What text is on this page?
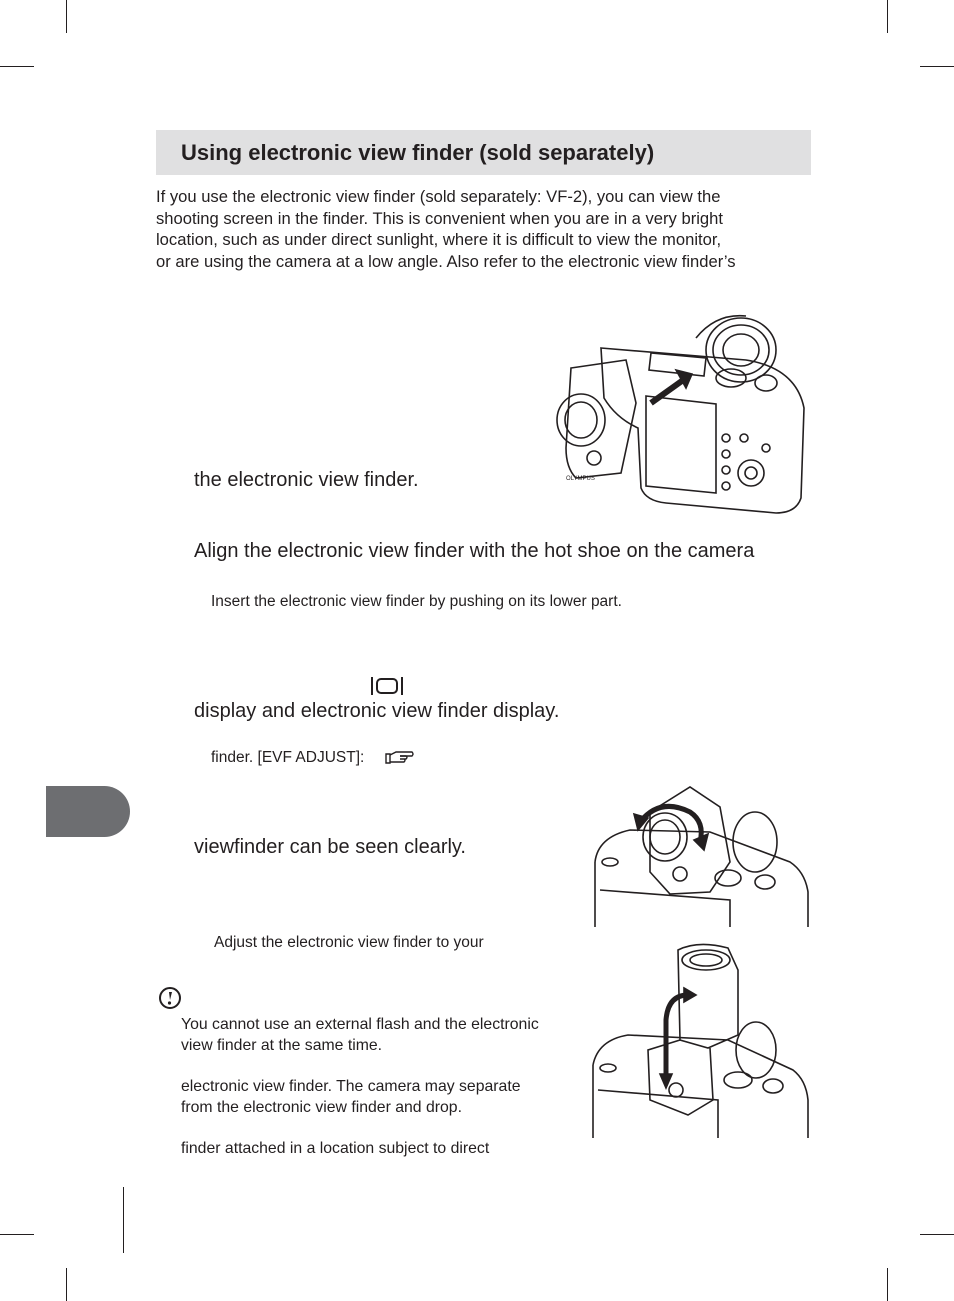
Using electronic view finder (sold separately)
If you use the electronic view finder (sold separately: VF-2), you can view the
shooting screen in the finder. This is convenient when you are in a very bright
location, such as under direct sunlight, where it is difficult to view the monitor,
or are using the camera at a low angle. Also refer to the electronic view finder’s
OLYMPUS
the electronic view finder.
Align the electronic view finder with the hot shoe on the camera
Insert the electronic view finder by pushing on its lower part.
display and electronic view finder display.
finder. [EVF ADJUST]:
viewfinder can be seen clearly.
Adjust the electronic view finder to your
You cannot use an external flash and the electronic
view finder at the same time.
electronic view finder. The camera may separate
from the electronic view finder and drop.
finder attached in a location subject to direct
